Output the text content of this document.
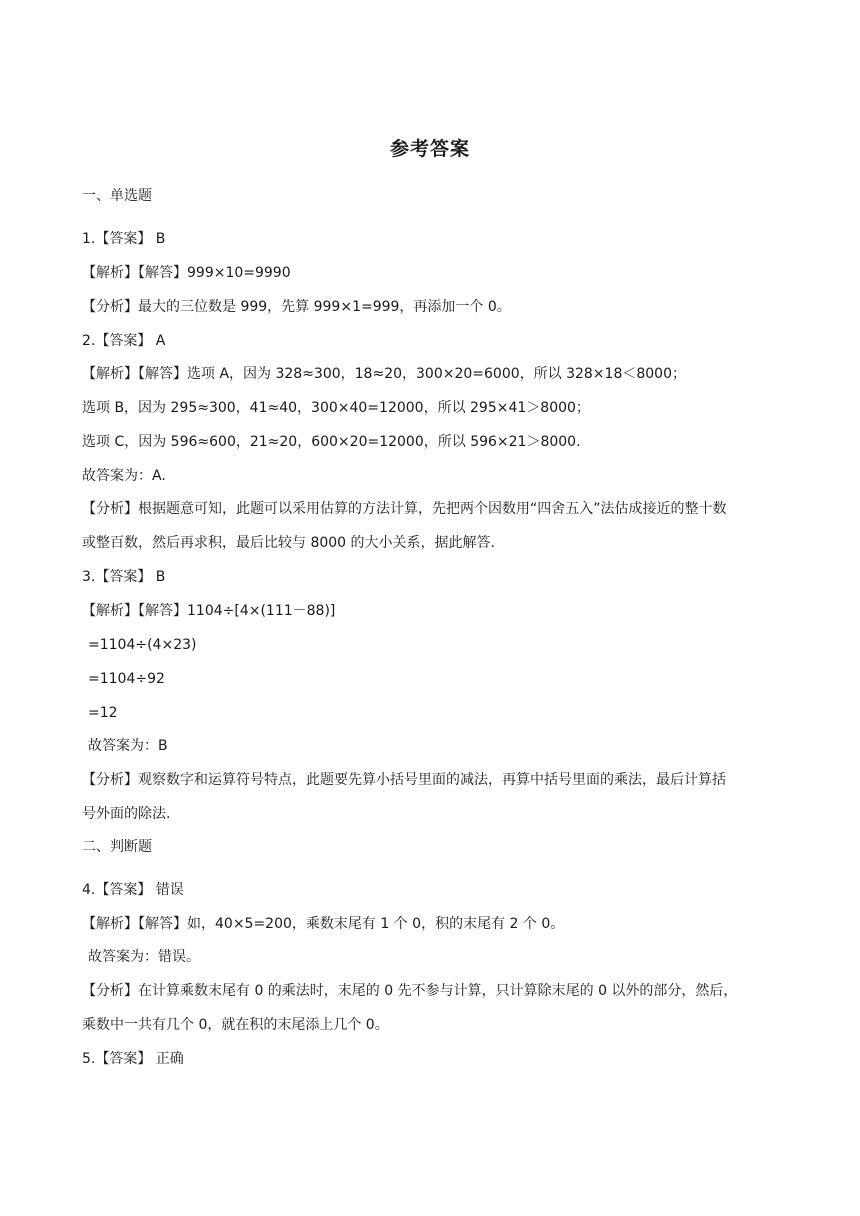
参考答案
一、单选题
1.【答案】 B
【解析】【解答】999×10=9990
【分析】最大的三位数是 999，先算 999×1=999，再添加一个 0。
2.【答案】 A
【解析】【解答】选项 A，因为 328≈300，18≈20，300×20=6000，所以 328×18＜8000；
选项 B，因为 295≈300，41≈40，300×40=12000，所以 295×41＞8000；
选项 C，因为 596≈600，21≈20，600×20=12000，所以 596×21＞8000.
故答案为：A.
【分析】根据题意可知，此题可以采用估算的方法计算，先把两个因数用“四舍五入”法估成接近的整十数
或整百数，然后再求积，最后比较与 8000 的大小关系，据此解答.
3.【答案】 B
【解析】【解答】1104÷[4×(111－88)]
=1104÷(4×23)
=1104÷92
=12
故答案为：B
【分析】观察数字和运算符号特点，此题要先算小括号里面的减法，再算中括号里面的乘法，最后计算括
号外面的除法.
二、判断题
4.【答案】 错误
【解析】【解答】如，40×5=200，乘数末尾有 1 个 0，积的末尾有 2 个 0。
故答案为：错误。
【分析】在计算乘数末尾有 0 的乘法时，末尾的 0 先不参与计算，只计算除末尾的 0 以外的部分，然后，
乘数中一共有几个 0，就在积的末尾添上几个 0。
5.【答案】 正确
